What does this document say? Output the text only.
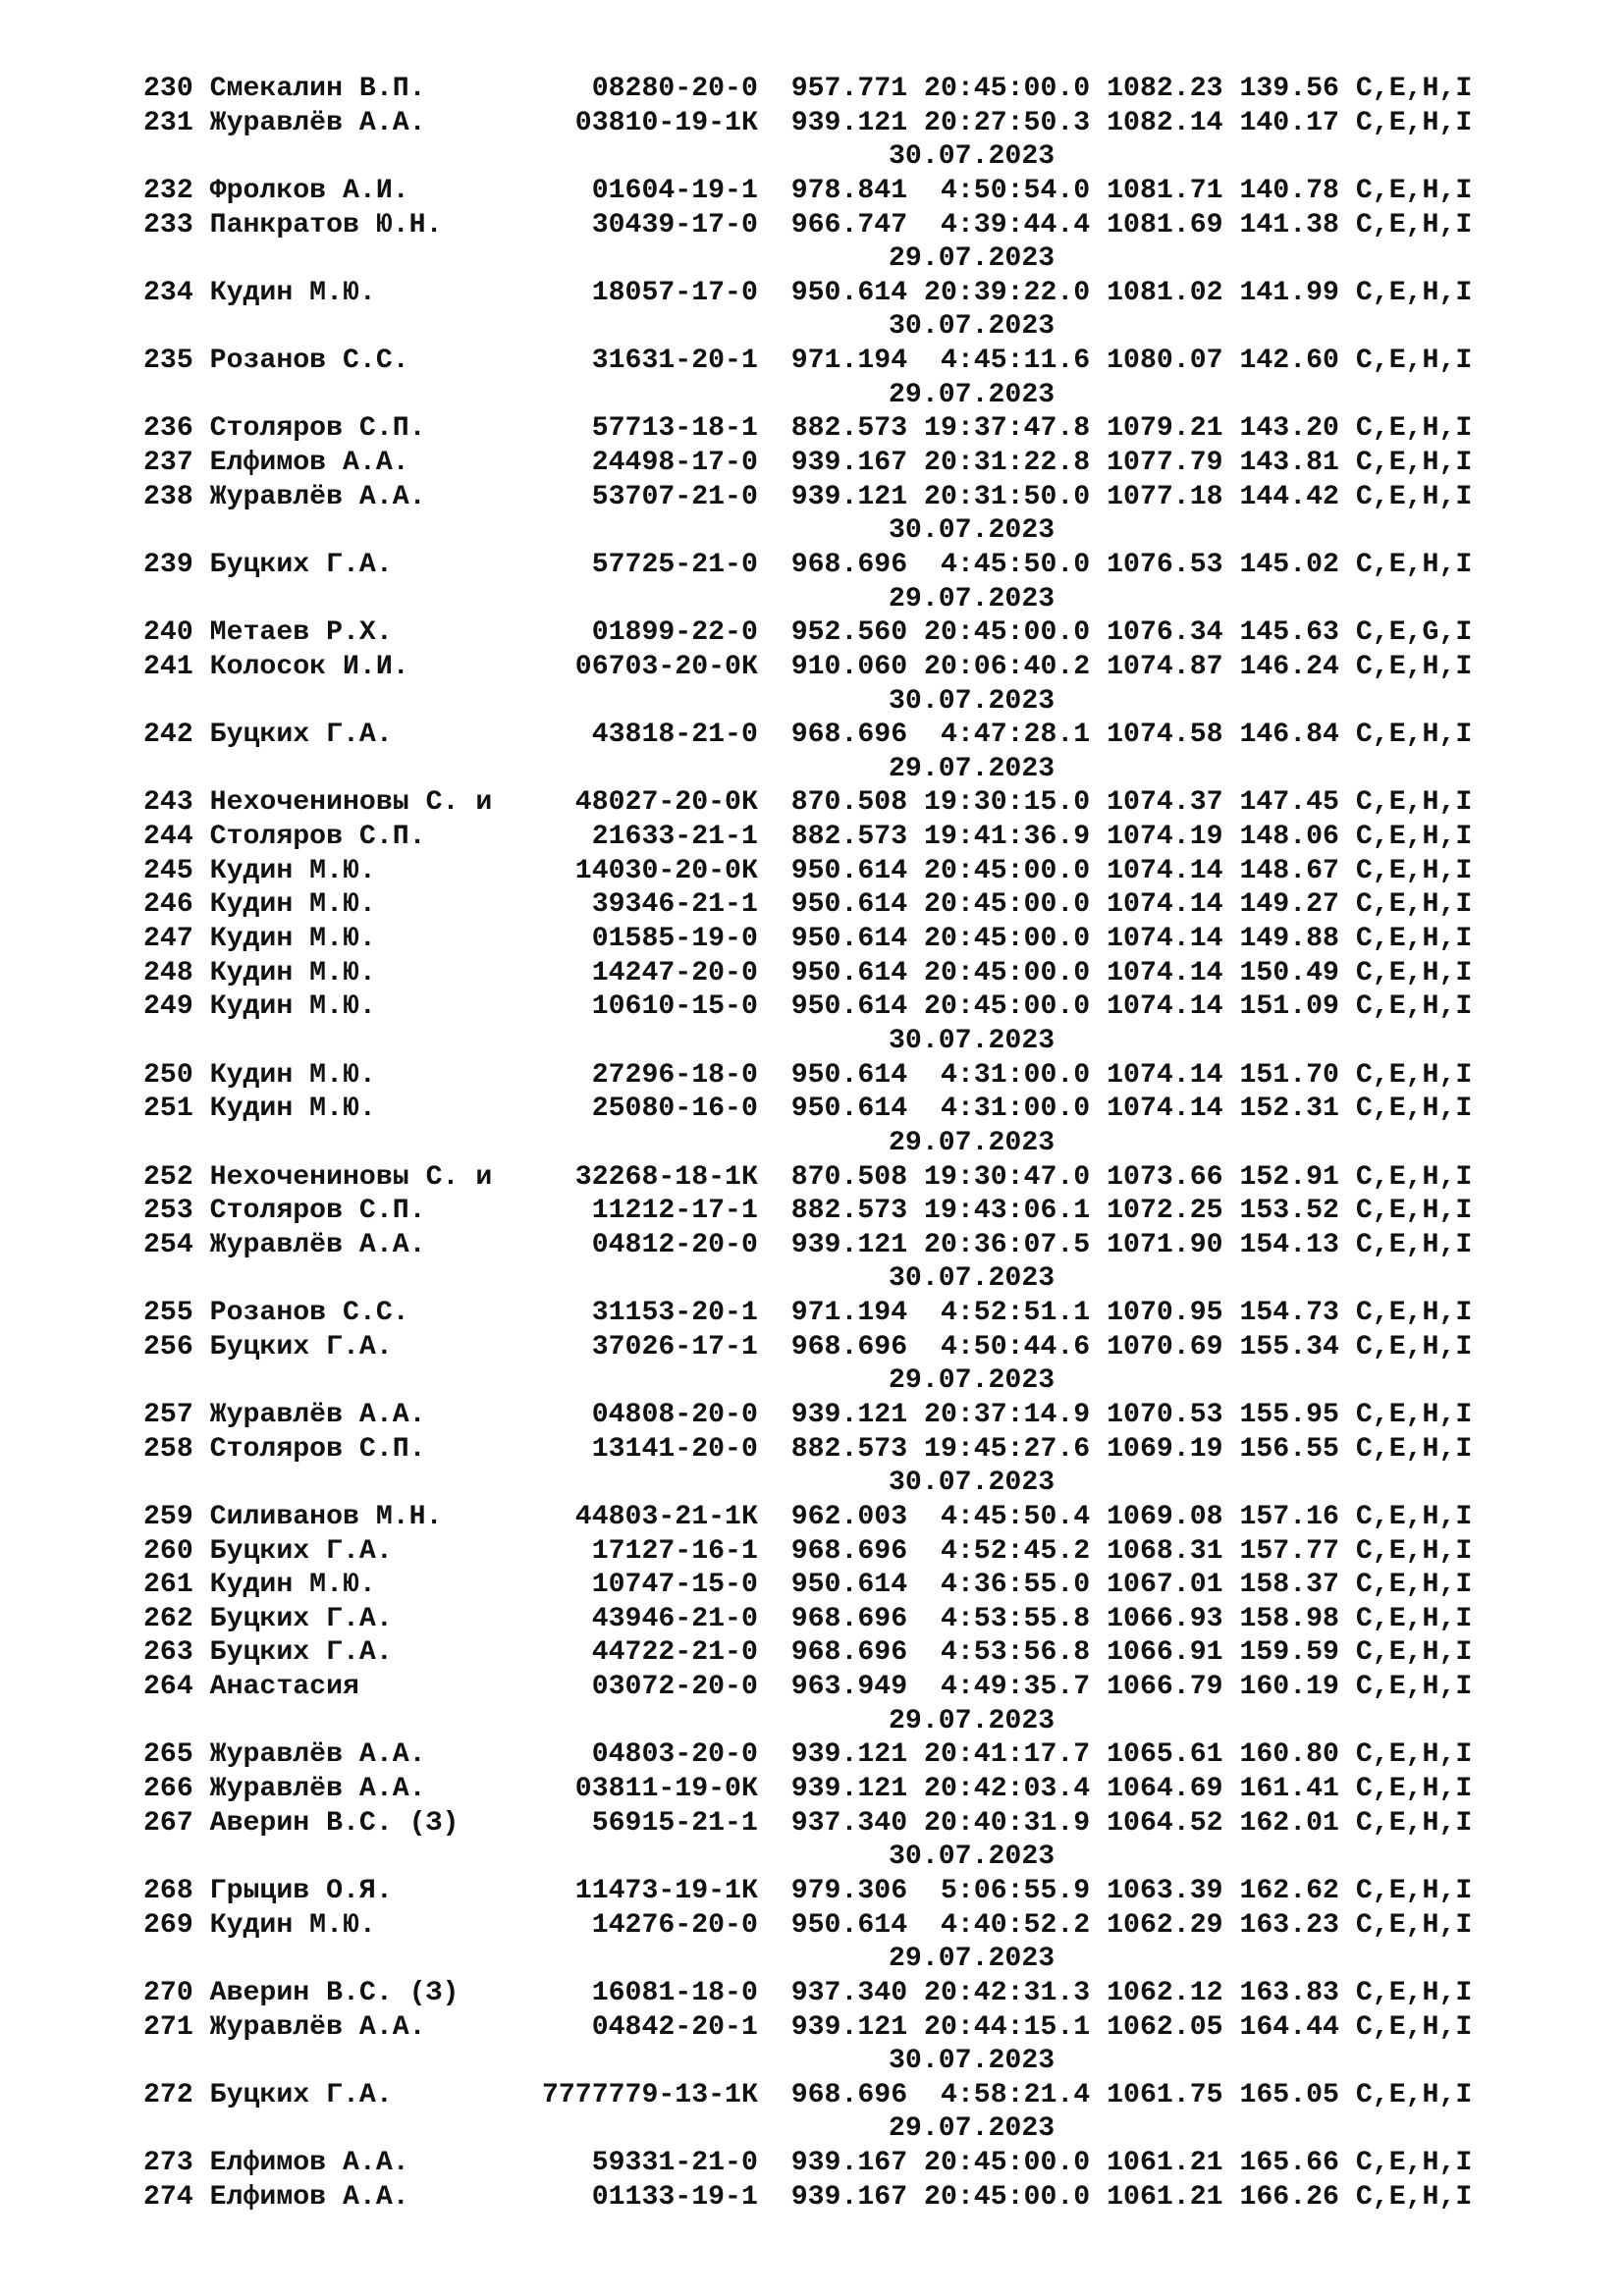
230 Смекалин В.П.          08280-20-0  957.771 20:45:00.0 1082.23 139.56 C,E,H,I
231 Журавлёв А.А.         03810-19-1К  939.121 20:27:50.3 1082.14 140.17 C,E,H,I
30.07.2023
232 Фролков А.И.           01604-19-1  978.841  4:50:54.0 1081.71 140.78 C,E,H,I
233 Панкратов Ю.Н.         30439-17-0  966.747  4:39:44.4 1081.69 141.38 C,E,H,I
29.07.2023
234 Кудин М.Ю.             18057-17-0  950.614 20:39:22.0 1081.02 141.99 C,E,H,I
30.07.2023
235 Розанов С.С.           31631-20-1  971.194  4:45:11.6 1080.07 142.60 C,E,H,I
29.07.2023
236 Столяров С.П.          57713-18-1  882.573 19:37:47.8 1079.21 143.20 C,E,H,I
237 Елфимов А.А.           24498-17-0  939.167 20:31:22.8 1077.79 143.81 C,E,H,I
238 Журавлёв А.А.          53707-21-0  939.121 20:31:50.0 1077.18 144.42 C,E,H,I
30.07.2023
239 Буцких Г.А.            57725-21-0  968.696  4:45:50.0 1076.53 145.02 C,E,H,I
29.07.2023
240 Метаев Р.Х.            01899-22-0  952.560 20:45:00.0 1076.34 145.63 C,E,G,I
241 Колосок И.И.          06703-20-0К  910.060 20:06:40.2 1074.87 146.24 C,E,H,I
30.07.2023
242 Буцких Г.А.            43818-21-0  968.696  4:47:28.1 1074.58 146.84 C,E,H,I
29.07.2023
243 Нехочениновы С. и     48027-20-0К  870.508 19:30:15.0 1074.37 147.45 C,E,H,I
244 Столяров С.П.          21633-21-1  882.573 19:41:36.9 1074.19 148.06 C,E,H,I
245 Кудин М.Ю.            14030-20-0К  950.614 20:45:00.0 1074.14 148.67 C,E,H,I
246 Кудин М.Ю.             39346-21-1  950.614 20:45:00.0 1074.14 149.27 C,E,H,I
247 Кудин М.Ю.             01585-19-0  950.614 20:45:00.0 1074.14 149.88 C,E,H,I
248 Кудин М.Ю.             14247-20-0  950.614 20:45:00.0 1074.14 150.49 C,E,H,I
249 Кудин М.Ю.             10610-15-0  950.614 20:45:00.0 1074.14 151.09 C,E,H,I
30.07.2023
250 Кудин М.Ю.             27296-18-0  950.614  4:31:00.0 1074.14 151.70 C,E,H,I
251 Кудин М.Ю.             25080-16-0  950.614  4:31:00.0 1074.14 152.31 C,E,H,I
29.07.2023
252 Нехочениновы С. и     32268-18-1К  870.508 19:30:47.0 1073.66 152.91 C,E,H,I
253 Столяров С.П.          11212-17-1  882.573 19:43:06.1 1072.25 153.52 C,E,H,I
254 Журавлёв А.А.          04812-20-0  939.121 20:36:07.5 1071.90 154.13 C,E,H,I
30.07.2023
255 Розанов С.С.           31153-20-1  971.194  4:52:51.1 1070.95 154.73 C,E,H,I
256 Буцких Г.А.            37026-17-1  968.696  4:50:44.6 1070.69 155.34 C,E,H,I
29.07.2023
257 Журавлёв А.А.          04808-20-0  939.121 20:37:14.9 1070.53 155.95 C,E,H,I
258 Столяров С.П.          13141-20-0  882.573 19:45:27.6 1069.19 156.55 C,E,H,I
30.07.2023
259 Силиванов М.Н.        44803-21-1К  962.003  4:45:50.4 1069.08 157.16 C,E,H,I
260 Буцких Г.А.            17127-16-1  968.696  4:52:45.2 1068.31 157.77 C,E,H,I
261 Кудин М.Ю.             10747-15-0  950.614  4:36:55.0 1067.01 158.37 C,E,H,I
262 Буцких Г.А.            43946-21-0  968.696  4:53:55.8 1066.93 158.98 C,E,H,I
263 Буцких Г.А.            44722-21-0  968.696  4:53:56.8 1066.91 159.59 C,E,H,I
264 Анастасия              03072-20-0  963.949  4:49:35.7 1066.79 160.19 C,E,H,I
29.07.2023
265 Журавлёв А.А.          04803-20-0  939.121 20:41:17.7 1065.61 160.80 C,E,H,I
266 Журавлёв А.А.         03811-19-0К  939.121 20:42:03.4 1064.69 161.41 C,E,H,I
267 Аверин В.С. (З)        56915-21-1  937.340 20:40:31.9 1064.52 162.01 C,E,H,I
30.07.2023
268 Грыцив О.Я.           11473-19-1К  979.306  5:06:55.9 1063.39 162.62 C,E,H,I
269 Кудин М.Ю.             14276-20-0  950.614  4:40:52.2 1062.29 163.23 C,E,H,I
29.07.2023
270 Аверин В.С. (З)        16081-18-0  937.340 20:42:31.3 1062.12 163.83 C,E,H,I
271 Журавлёв А.А.          04842-20-1  939.121 20:44:15.1 1062.05 164.44 C,E,H,I
30.07.2023
272 Буцких Г.А.         7777779-13-1К  968.696  4:58:21.4 1061.75 165.05 C,E,H,I
29.07.2023
273 Елфимов А.А.           59331-21-0  939.167 20:45:00.0 1061.21 165.66 C,E,H,I
274 Елфимов А.А.           01133-19-1  939.167 20:45:00.0 1061.21 166.26 C,E,H,I
